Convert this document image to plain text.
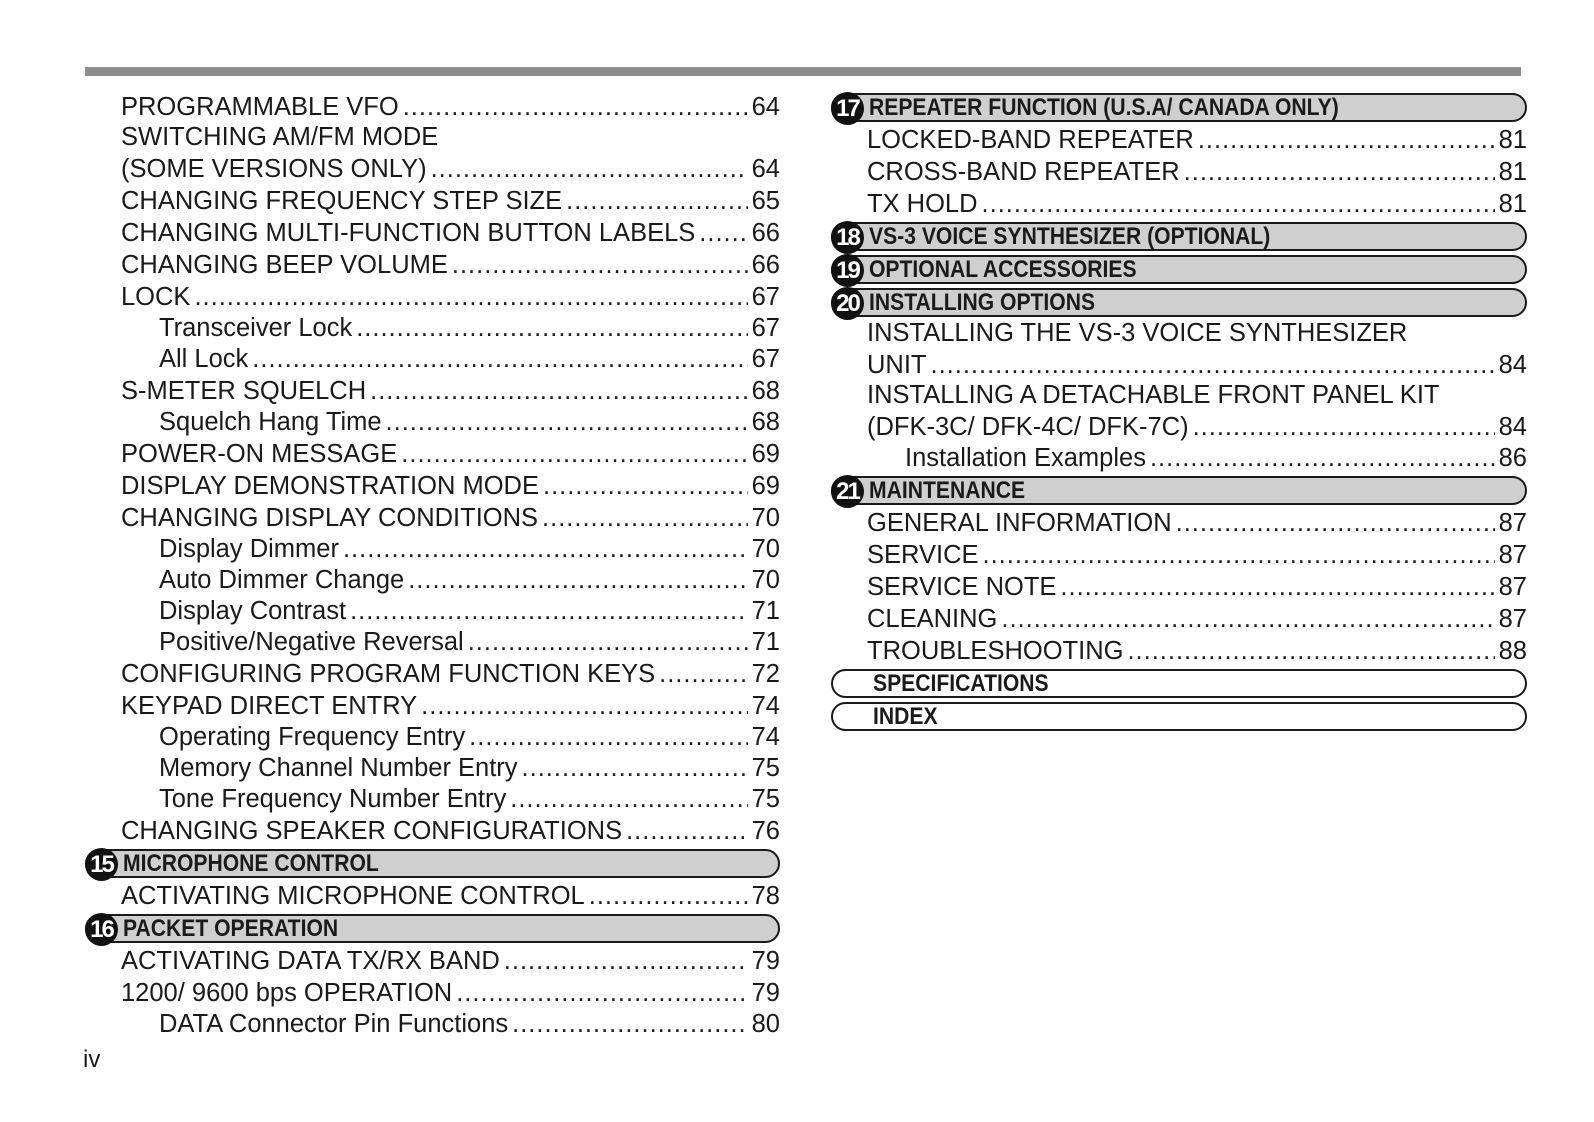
PROGRAMMABLE VFO .....	64
SWITCHING AM/FM MODE
(SOME VERSIONS ONLY) .....	64
CHANGING FREQUENCY STEP SIZE .....	65
CHANGING MULTI-FUNCTION BUTTON LABELS ..... 66
CHANGING BEEP VOLUME .....	66
LOCK .....	67
Transceiver Lock .....	67
All Lock .....	67
S-METER SQUELCH .....	68
Squelch Hang Time .....	68
POWER-ON MESSAGE .....	69
DISPLAY DEMONSTRATION MODE .....	69
CHANGING DISPLAY CONDITIONS .....	70
Display Dimmer .....	70
Auto Dimmer Change .....	70
Display Contrast .....	71
Positive/Negative Reversal .....	71
CONFIGURING PROGRAM FUNCTION KEYS .....	72
KEYPAD DIRECT ENTRY .....	74
Operating Frequency Entry .....	74
Memory Channel Number Entry .....	75
Tone Frequency Number Entry .....	75
CHANGING SPEAKER CONFIGURATIONS .....	76
15 MICROPHONE CONTROL
ACTIVATING MICROPHONE CONTROL .....	78
16 PACKET OPERATION
ACTIVATING DATA TX/RX BAND .....	79
1200/ 9600 bps OPERATION .....	79
DATA Connector Pin Functions .....	80
17 REPEATER FUNCTION (U.S.A/ CANADA ONLY)
LOCKED-BAND REPEATER .....	81
CROSS-BAND REPEATER .....	81
TX HOLD .....	81
18 VS-3 VOICE SYNTHESIZER (OPTIONAL)
19 OPTIONAL ACCESSORIES
20 INSTALLING OPTIONS
INSTALLING THE VS-3 VOICE SYNTHESIZER
UNIT .....	84
INSTALLING A DETACHABLE FRONT PANEL KIT
(DFK-3C/ DFK-4C/ DFK-7C) .....	84
Installation Examples .....	86
21 MAINTENANCE
GENERAL INFORMATION .....	87
SERVICE .....	87
SERVICE NOTE .....	87
CLEANING .....	87
TROUBLESHOOTING .....	88
SPECIFICATIONS
INDEX
iv
